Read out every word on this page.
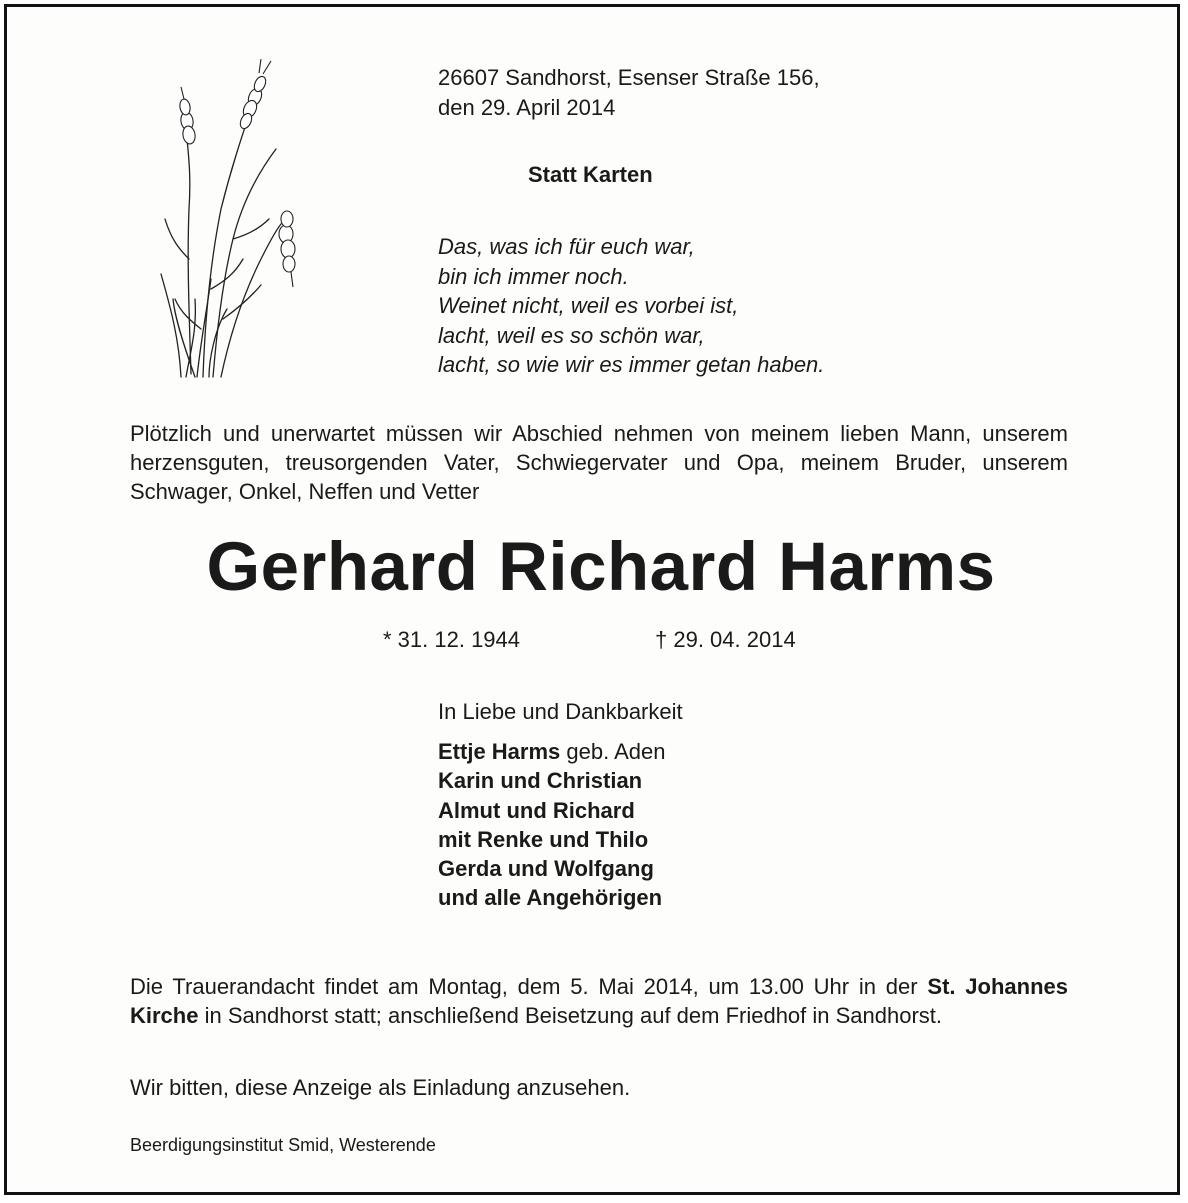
26607 Sandhorst, Esenser Straße 156,
den 29. April 2014
Statt Karten
Das, was ich für euch war,
bin ich immer noch.
Weinet nicht, weil es vorbei ist,
lacht, weil es so schön war,
lacht, so wie wir es immer getan haben.
Plötzlich und unerwartet müssen wir Abschied nehmen von meinem lieben Mann, unserem herzensguten, treusorgenden Vater, Schwiegervater und Opa, meinem Bruder, unserem Schwager, Onkel, Neffen und Vetter
Gerhard Richard Harms
* 31. 12. 1944	† 29. 04. 2014
In Liebe und Dankbarkeit
Ettje Harms geb. Aden
Karin und Christian
Almut und Richard
mit Renke und Thilo
Gerda und Wolfgang
und alle Angehörigen
Die Trauerandacht findet am Montag, dem 5. Mai 2014, um 13.00 Uhr in der St. Johannes Kirche in Sandhorst statt; anschließend Beisetzung auf dem Friedhof in Sandhorst.
Wir bitten, diese Anzeige als Einladung anzusehen.
Beerdigungsinstitut Smid, Westerende
